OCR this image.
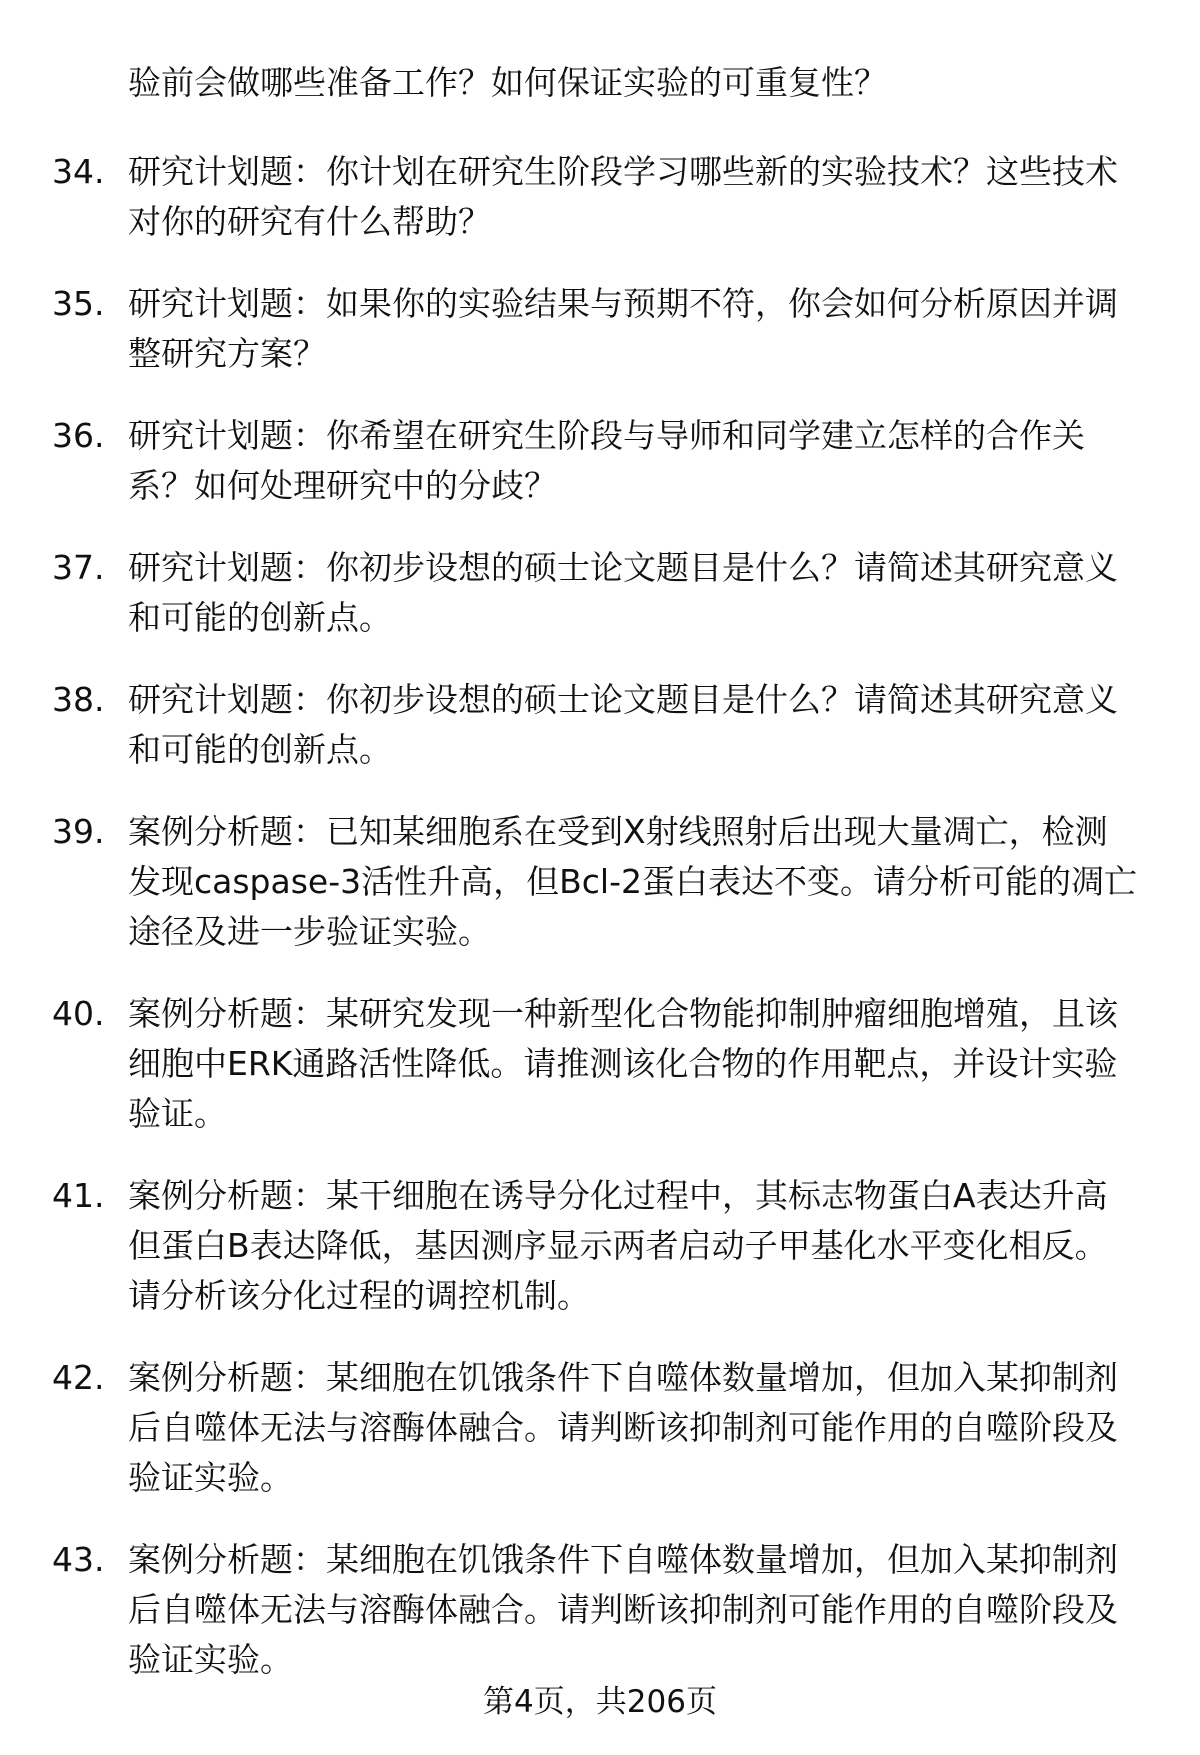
验前会做哪些准备工作？如何保证实验的可重复性？
34. 研究计划题：你计划在研究生阶段学习哪些新的实验技术？这些技术对你的研究有什么帮助？
35. 研究计划题：如果你的实验结果与预期不符，你会如何分析原因并调整研究方案？
36. 研究计划题：你希望在研究生阶段与导师和同学建立怎样的合作关系？如何处理研究中的分歧？
37. 研究计划题：你初步设想的硕士论文题目是什么？请简述其研究意义和可能的创新点。
38. 研究计划题：你初步设想的硕士论文题目是什么？请简述其研究意义和可能的创新点。
39. 案例分析题：已知某细胞系在受到X射线照射后出现大量凋亡，检测发现caspase-3活性升高，但Bcl-2蛋白表达不变。请分析可能的凋亡途径及进一步验证实验。
40. 案例分析题：某研究发现一种新型化合物能抑制肿瘤细胞增殖，且该细胞中ERK通路活性降低。请推测该化合物的作用靶点，并设计实验验证。
41. 案例分析题：某干细胞在诱导分化过程中，其标志物蛋白A表达升高但蛋白B表达降低，基因测序显示两者启动子甲基化水平变化相反。请分析该分化过程的调控机制。
42. 案例分析题：某细胞在饥饿条件下自噬体数量增加，但加入某抑制剂后自噬体无法与溶酶体融合。请判断该抑制剂可能作用的自噬阶段及验证实验。
43. 案例分析题：某细胞在饥饿条件下自噬体数量增加，但加入某抑制剂后自噬体无法与溶酶体融合。请判断该抑制剂可能作用的自噬阶段及验证实验。
第4页，共206页
